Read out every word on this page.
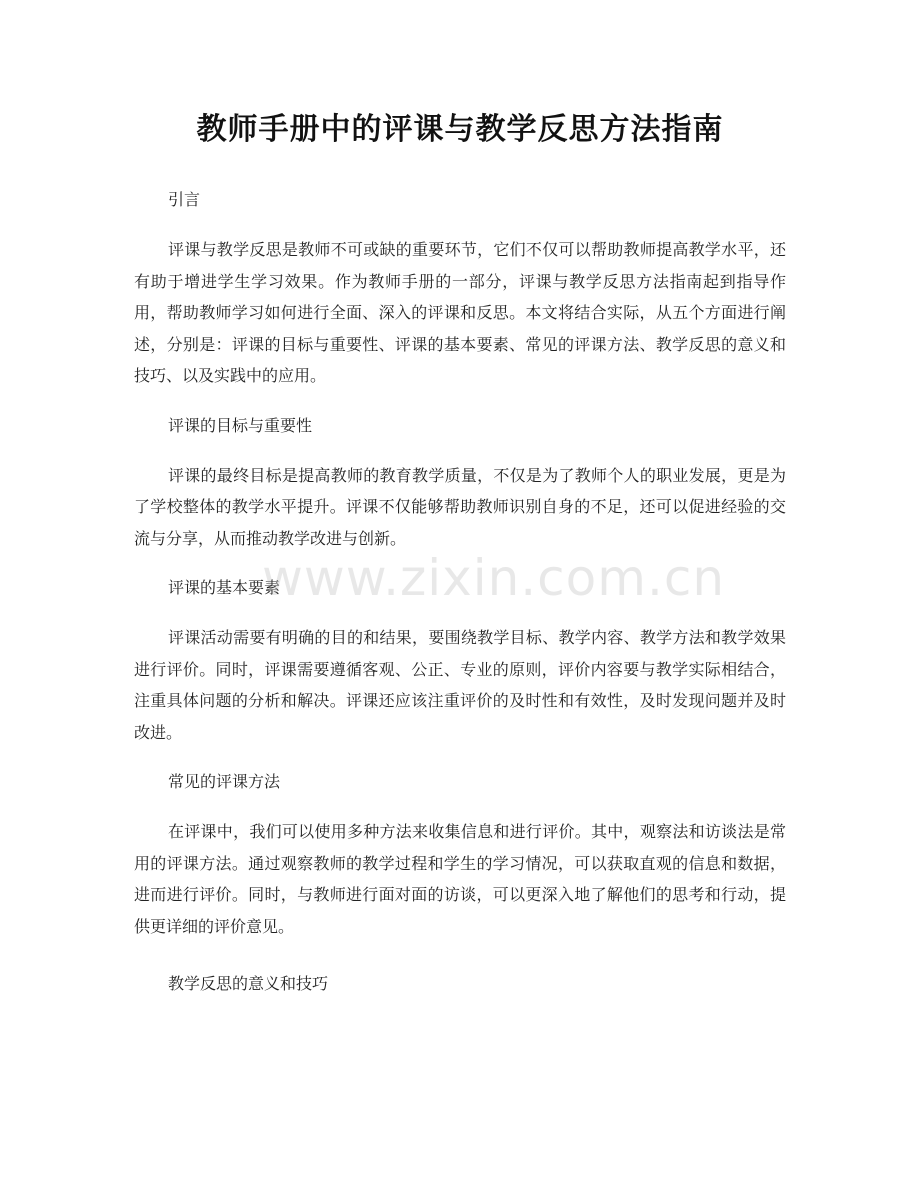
教师手册中的评课与教学反思方法指南

引言

评课与教学反思是教师不可或缺的重要环节，它们不仅可以帮助教师提高教学水平，还有助于增进学生学习效果。作为教师手册的一部分，评课与教学反思方法指南起到指导作用，帮助教师学习如何进行全面、深入的评课和反思。本文将结合实际，从五个方面进行阐述，分别是：评课的目标与重要性、评课的基本要素、常见的评课方法、教学反思的意义和技巧、以及实践中的应用。

评课的目标与重要性

评课的最终目标是提高教师的教育教学质量，不仅是为了教师个人的职业发展，更是为了学校整体的教学水平提升。评课不仅能够帮助教师识别自身的不足，还可以促进经验的交流与分享，从而推动教学改进与创新。

评课的基本要素

评课活动需要有明确的目的和结果，要围绕教学目标、教学内容、教学方法和教学效果进行评价。同时，评课需要遵循客观、公正、专业的原则，评价内容要与教学实际相结合，注重具体问题的分析和解决。评课还应该注重评价的及时性和有效性，及时发现问题并及时改进。

常见的评课方法

在评课中，我们可以使用多种方法来收集信息和进行评价。其中，观察法和访谈法是常用的评课方法。通过观察教师的教学过程和学生的学习情况，可以获取直观的信息和数据，进而进行评价。同时，与教师进行面对面的访谈，可以更深入地了解他们的思考和行动，提供更详细的评价意见。

教学反思的意义和技巧

www.zixin.com.cn
